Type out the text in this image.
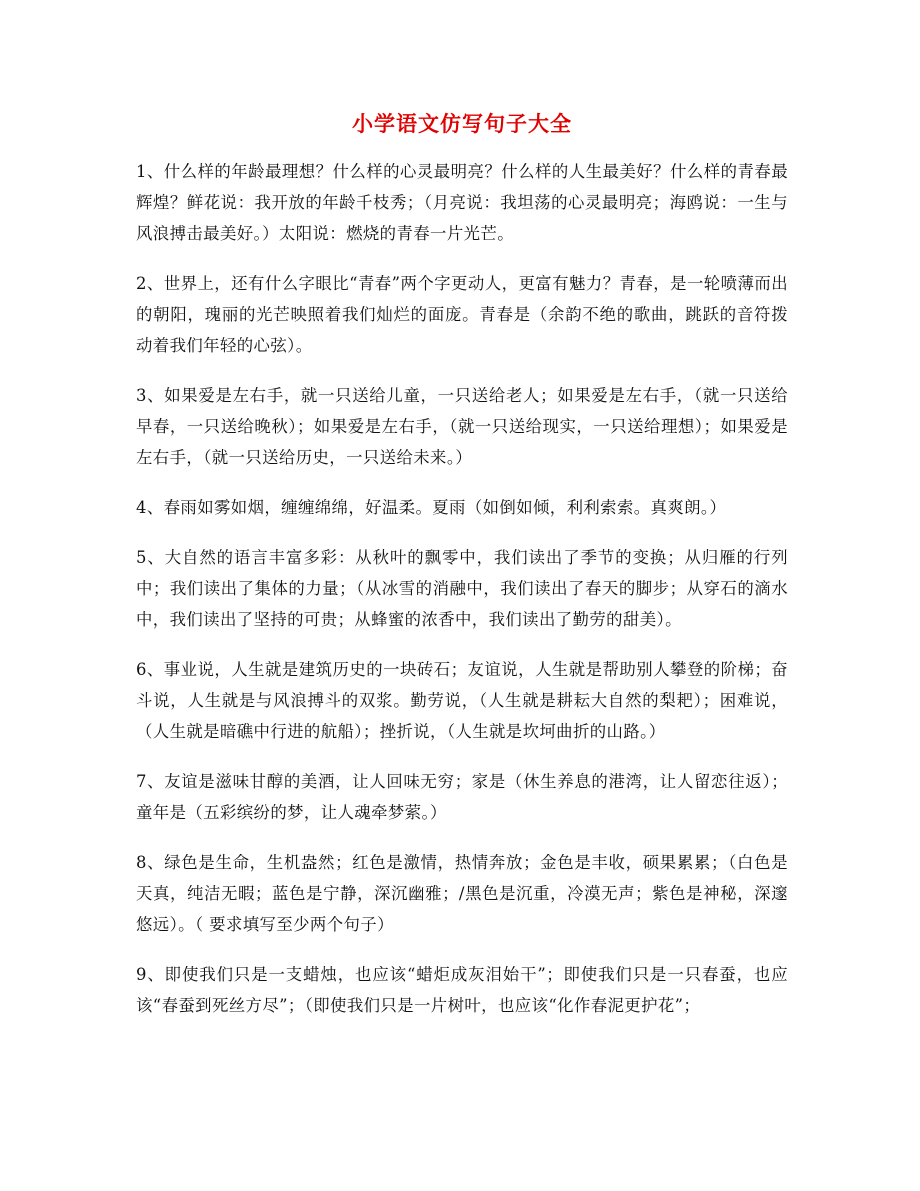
小学语文仿写句子大全

1、什么样的年龄最理想？什么样的心灵最明亮？什么样的人生最美好？什么样的青春最辉煌？鲜花说：我开放的年龄千枝秀；（月亮说：我坦荡的心灵最明亮；海鸥说：一生与风浪搏击最美好。）太阳说：燃烧的青春一片光芒。

2、世界上，还有什么字眼比“青春”两个字更动人，更富有魅力？青春，是一轮喷薄而出的朝阳，瑰丽的光芒映照着我们灿烂的面庞。青春是（余韵不绝的歌曲，跳跃的音符拨动着我们年轻的心弦）。

3、如果爱是左右手，就一只送给儿童，一只送给老人；如果爱是左右手，（就一只送给早春，一只送给晚秋）；如果爱是左右手，（就一只送给现实，一只送给理想）；如果爱是左右手，（就一只送给历史，一只送给未来。）

4、春雨如雾如烟，缠缠绵绵，好温柔。夏雨（如倒如倾，利利索索。真爽朗。）

5、大自然的语言丰富多彩：从秋叶的飘零中，我们读出了季节的变换；从归雁的行列中；我们读出了集体的力量；（从冰雪的消融中，我们读出了春天的脚步；从穿石的滴水中，我们读出了坚持的可贵；从蜂蜜的浓香中，我们读出了勤劳的甜美）。

6、事业说，人生就是建筑历史的一块砖石；友谊说，人生就是帮助别人攀登的阶梯；奋斗说，人生就是与风浪搏斗的双浆。勤劳说，（人生就是耕耘大自然的梨耙）；困难说，（人生就是暗礁中行进的航船）；挫折说，（人生就是坎坷曲折的山路。）

7、友谊是滋味甘醇的美酒，让人回味无穷；家是（休生养息的港湾，让人留恋往返）；童年是（五彩缤纷的梦，让人魂牵梦萦。）

8、绿色是生命，生机盎然；红色是激情，热情奔放；金色是丰收，硕果累累；（白色是天真，纯洁无暇；蓝色是宁静，深沉幽雅；/黑色是沉重，冷漠无声；紫色是神秘，深邃悠远）。（ 要求填写至少两个句子）

9、即使我们只是一支蜡烛，也应该“蜡炬成灰泪始干”；即使我们只是一只春蚕，也应该“春蚕到死丝方尽”；（即使我们只是一片树叶，也应该“化作春泥更护花”；
